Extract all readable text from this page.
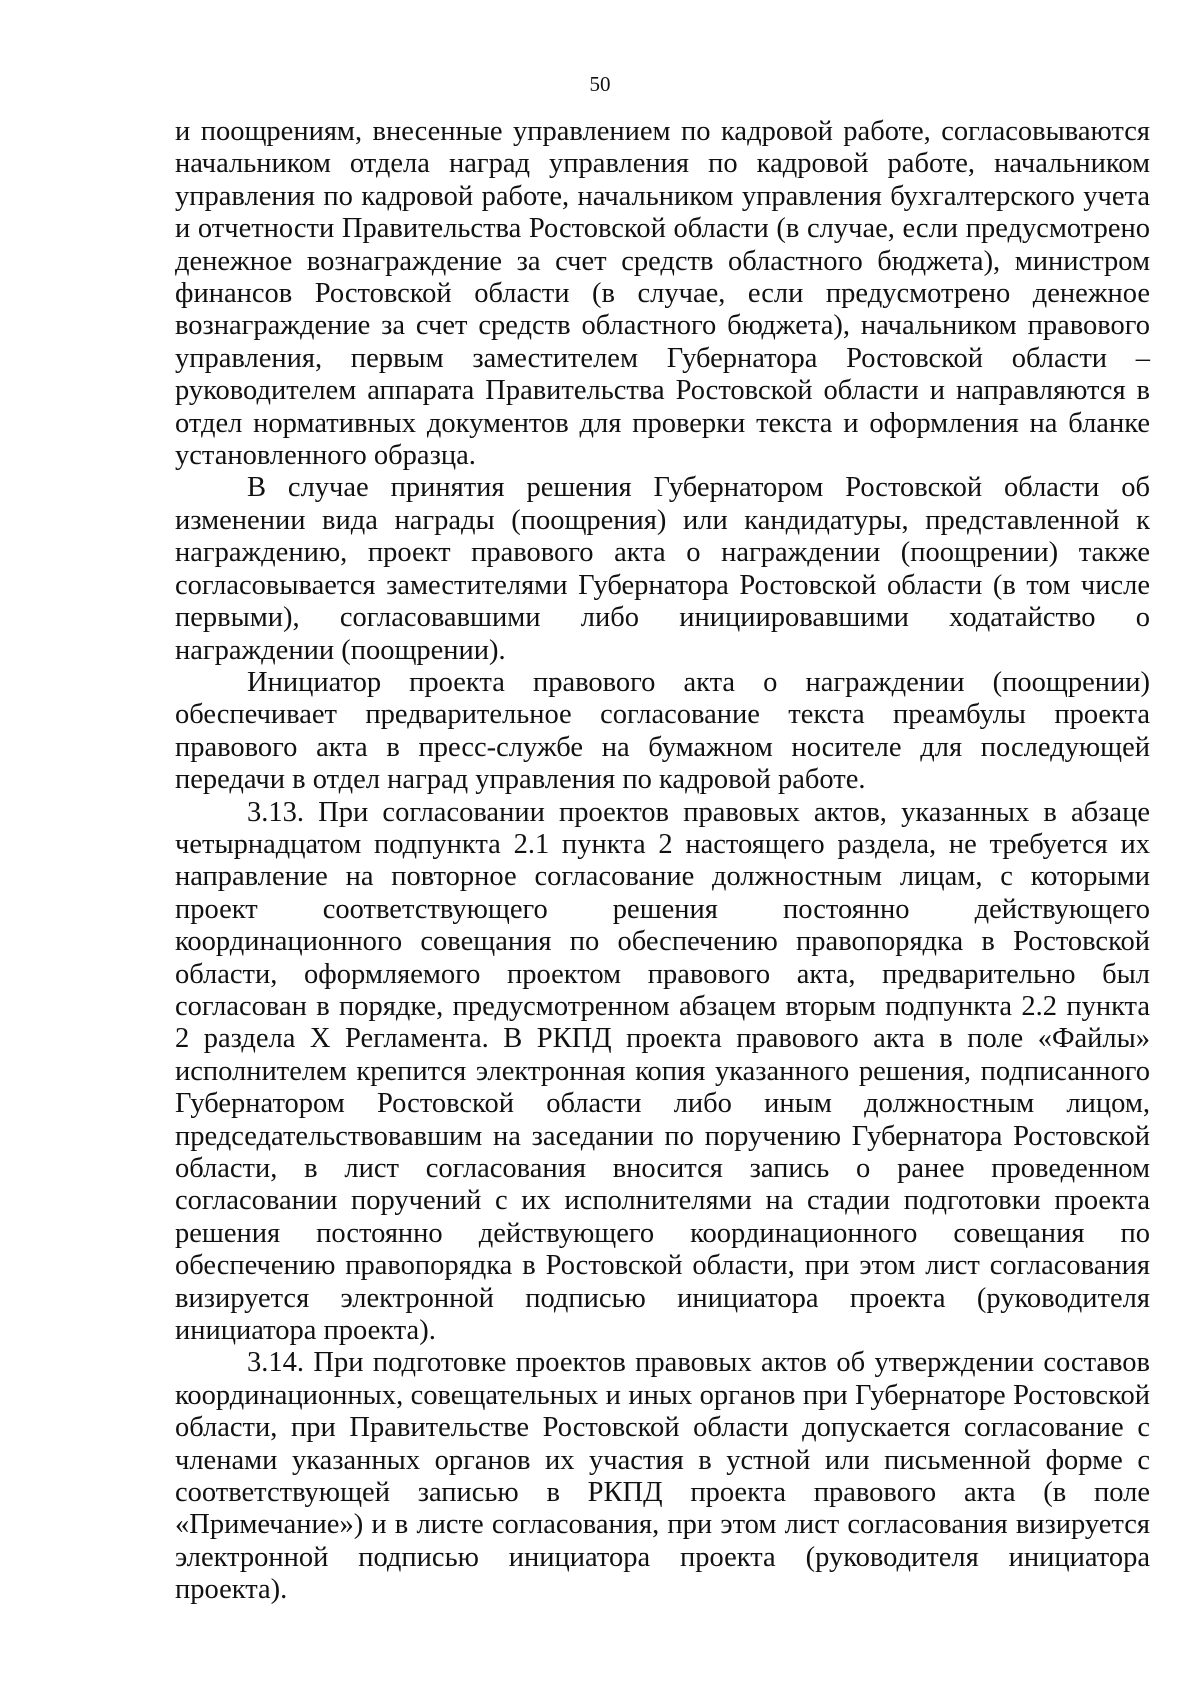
50

и поощрениям, внесенные управлением по кадровой работе, согласовываются начальником отдела наград управления по кадровой работе, начальником управления по кадровой работе, начальником управления бухгалтерского учета и отчетности Правительства Ростовской области (в случае, если предусмотрено денежное вознаграждение за счет средств областного бюджета), министром финансов Ростовской области (в случае, если предусмотрено денежное вознаграждение за счет средств областного бюджета), начальником правового управления, первым заместителем Губернатора Ростовской области – руководителем аппарата Правительства Ростовской области и направляются в отдел нормативных документов для проверки текста и оформления на бланке установленного образца.

В случае принятия решения Губернатором Ростовской области об изменении вида награды (поощрения) или кандидатуры, представленной к награждению, проект правового акта о награждении (поощрении) также согласовывается заместителями Губернатора Ростовской области (в том числе первыми), согласовавшими либо инициировавшими ходатайство о награждении (поощрении).

Инициатор проекта правового акта о награждении (поощрении) обеспечивает предварительное согласование текста преамбулы проекта правового акта в пресс-службе на бумажном носителе для последующей передачи в отдел наград управления по кадровой работе.

3.13. При согласовании проектов правовых актов, указанных в абзаце четырнадцатом подпункта 2.1 пункта 2 настоящего раздела, не требуется их направление на повторное согласование должностным лицам, с которыми проект соответствующего решения постоянно действующего координационного совещания по обеспечению правопорядка в Ростовской области, оформляемого проектом правового акта, предварительно был согласован в порядке, предусмотренном абзацем вторым подпункта 2.2 пункта 2 раздела X Регламента. В РКПД проекта правового акта в поле «Файлы» исполнителем крепится электронная копия указанного решения, подписанного Губернатором Ростовской области либо иным должностным лицом, председательствовавшим на заседании по поручению Губернатора Ростовской области, в лист согласования вносится запись о ранее проведенном согласовании поручений с их исполнителями на стадии подготовки проекта решения постоянно действующего координационного совещания по обеспечению правопорядка в Ростовской области, при этом лист согласования визируется электронной подписью инициатора проекта (руководителя инициатора проекта).

3.14. При подготовке проектов правовых актов об утверждении составов координационных, совещательных и иных органов при Губернаторе Ростовской области, при Правительстве Ростовской области допускается согласование с членами указанных органов их участия в устной или письменной форме с соответствующей записью в РКПД проекта правового акта (в поле «Примечание») и в листе согласования, при этом лист согласования визируется электронной подписью инициатора проекта (руководителя инициатора проекта).
